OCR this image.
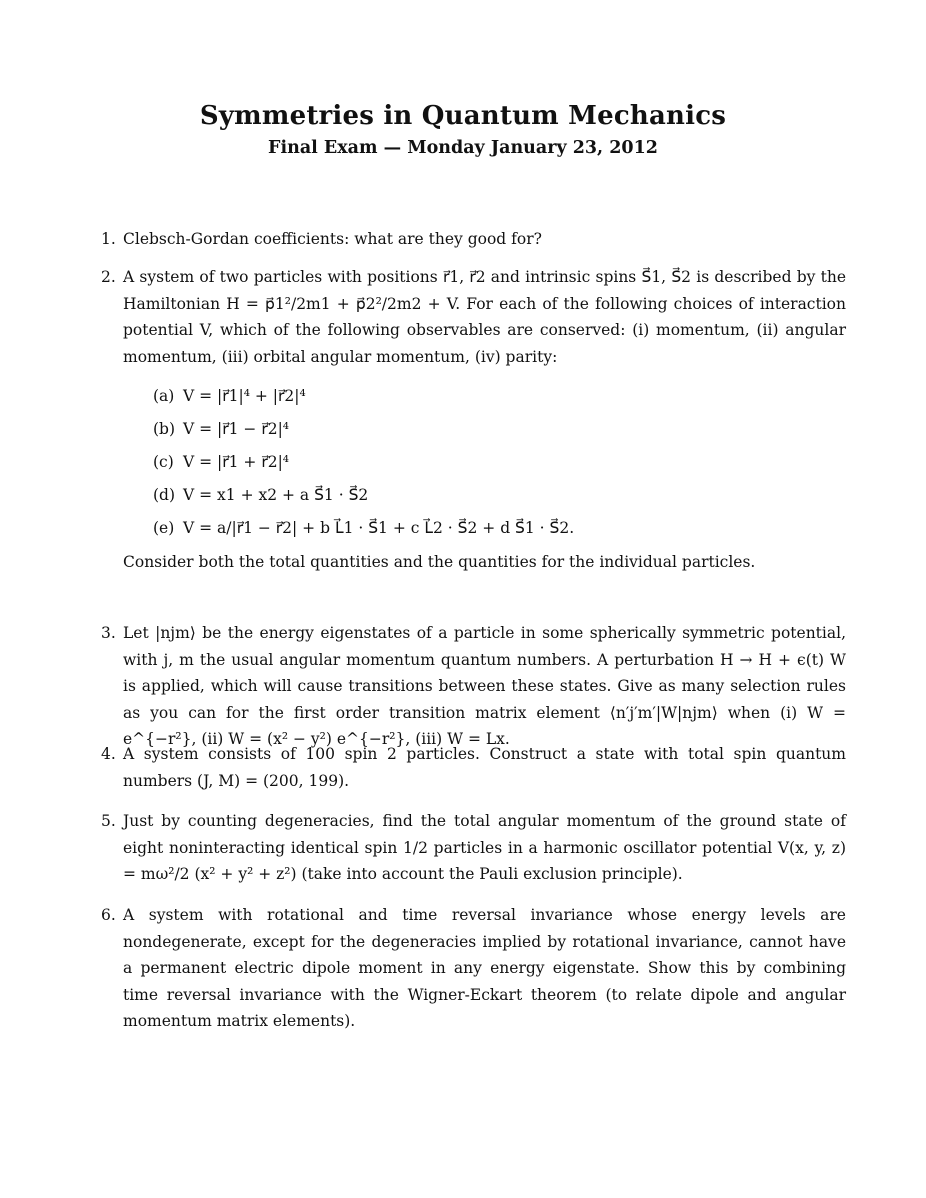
Symmetries in Quantum Mechanics
Final Exam — Monday January 23, 2012
1. Clebsch-Gordan coefficients: what are they good for?
2. A system of two particles with positions r⃗1, r⃗2 and intrinsic spins S⃗1, S⃗2 is described by the Hamiltonian H = p⃗1²/2m1 + p⃗2²/2m2 + V. For each of the following choices of interaction potential V, which of the following observables are conserved: (i) momentum, (ii) angular momentum, (iii) orbital angular momentum, (iv) parity:
(a) V = |r⃗1|⁴ + |r⃗2|⁴
(b) V = |r⃗1 − r⃗2|⁴
(c) V = |r⃗1 + r⃗2|⁴
(d) V = x1 + x2 + a S⃗1 · S⃗2
(e) V = a/|r⃗1 − r⃗2| + b L⃗1 · S⃗1 + c L⃗2 · S⃗2 + d S⃗1 · S⃗2.
Consider both the total quantities and the quantities for the individual particles.
3. Let |njm⟩ be the energy eigenstates of a particle in some spherically symmetric potential, with j, m the usual angular momentum quantum numbers. A perturbation H → H + ϵ(t) W is applied, which will cause transitions between these states. Give as many selection rules as you can for the first order transition matrix element ⟨n′j′m′|W|njm⟩ when (i) W = e^{−r²}, (ii) W = (x² − y²) e^{−r²}, (iii) W = Lx.
4. A system consists of 100 spin 2 particles. Construct a state with total spin quantum numbers (J, M) = (200, 199).
5. Just by counting degeneracies, find the total angular momentum of the ground state of eight noninteracting identical spin 1/2 particles in a harmonic oscillator potential V(x, y, z) = mω²/2 (x² + y² + z²) (take into account the Pauli exclusion principle).
6. A system with rotational and time reversal invariance whose energy levels are nondegenerate, except for the degeneracies implied by rotational invariance, cannot have a permanent electric dipole moment in any energy eigenstate. Show this by combining time reversal invariance with the Wigner-Eckart theorem (to relate dipole and angular momentum matrix elements).
